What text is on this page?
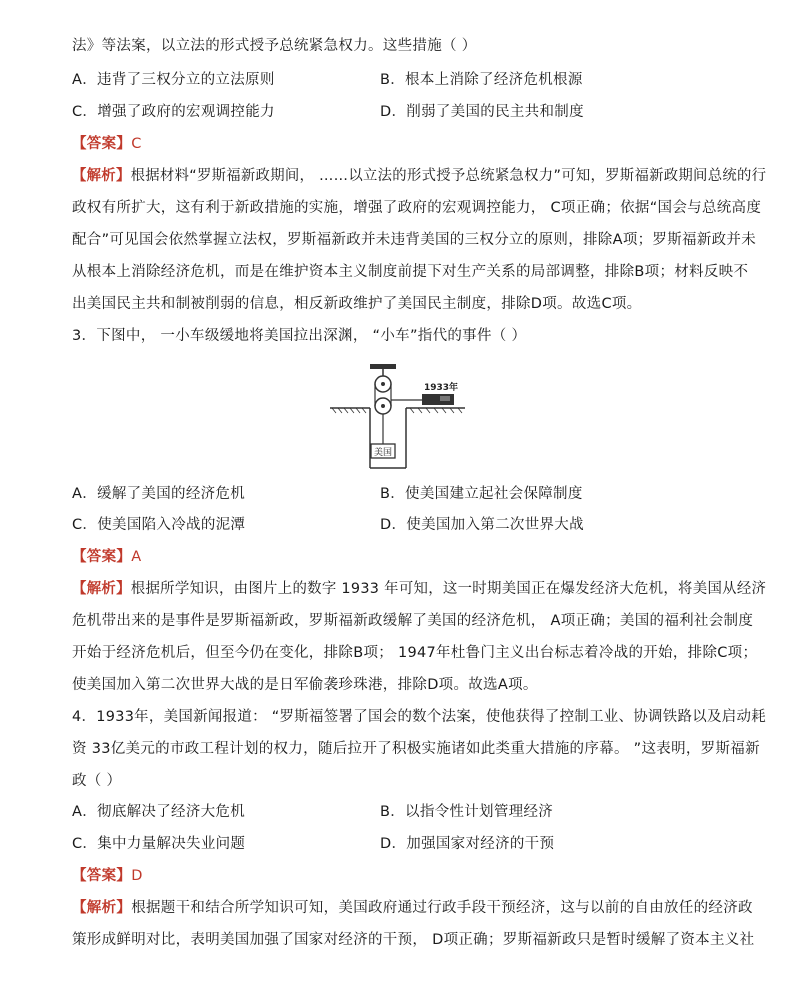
法》等法案，以立法的形式授予总统紧急权力。这些措施（ ）
A．违背了三权分立的立法原则	B．根本上消除了经济危机根源
C．增强了政府的宏观调控能力	D．削弱了美国的民主共和制度
【答案】C
【解析】根据材料“罗斯福新政期间， ……以立法的形式授予总统紧急权力”可知，罗斯福新政期间总统的行
政权有所扩大，这有利于新政措施的实施，增强了政府的宏观调控能力， C项正确；依据“国会与总统高度
配合”可见国会依然掌握立法权，罗斯福新政并未违背美国的三权分立的原则，排除A项；罗斯福新政并未
从根本上消除经济危机，而是在维护资本主义制度前提下对生产关系的局部调整，排除B项；材料反映不
出美国民主共和制被削弱的信息，相反新政维护了美国民主制度，排除D项。故选C项。
3．下图中， 一小车级缓地将美国拉出深渊， “小车”指代的事件（ ）
1933年
美国
A．缓解了美国的经济危机	B．使美国建立起社会保障制度
C．使美国陷入冷战的泥潭	D．使美国加入第二次世界大战
【答案】A
【解析】根据所学知识，由图片上的数字 1933 年可知，这一时期美国正在爆发经济大危机，将美国从经济
危机带出来的是事件是罗斯福新政，罗斯福新政缓解了美国的经济危机， A项正确；美国的福利社会制度
开始于经济危机后，但至今仍在变化，排除B项； 1947年杜鲁门主义出台标志着冷战的开始，排除C项；
使美国加入第二次世界大战的是日军偷袭珍珠港，排除D项。故选A项。
4．1933年，美国新闻报道： “罗斯福签署了国会的数个法案，使他获得了控制工业、协调铁路以及启动耗
资 33亿美元的市政工程计划的权力，随后拉开了积极实施诸如此类重大措施的序幕。 ”这表明，罗斯福新
政（ ）
A．彻底解决了经济大危机	B．以指令性计划管理经济
C．集中力量解决失业问题	D．加强国家对经济的干预
【答案】D
【解析】根据题干和结合所学知识可知，美国政府通过行政手段干预经济，这与以前的自由放任的经济政
策形成鲜明对比，表明美国加强了国家对经济的干预， D项正确；罗斯福新政只是暂时缓解了资本主义社
